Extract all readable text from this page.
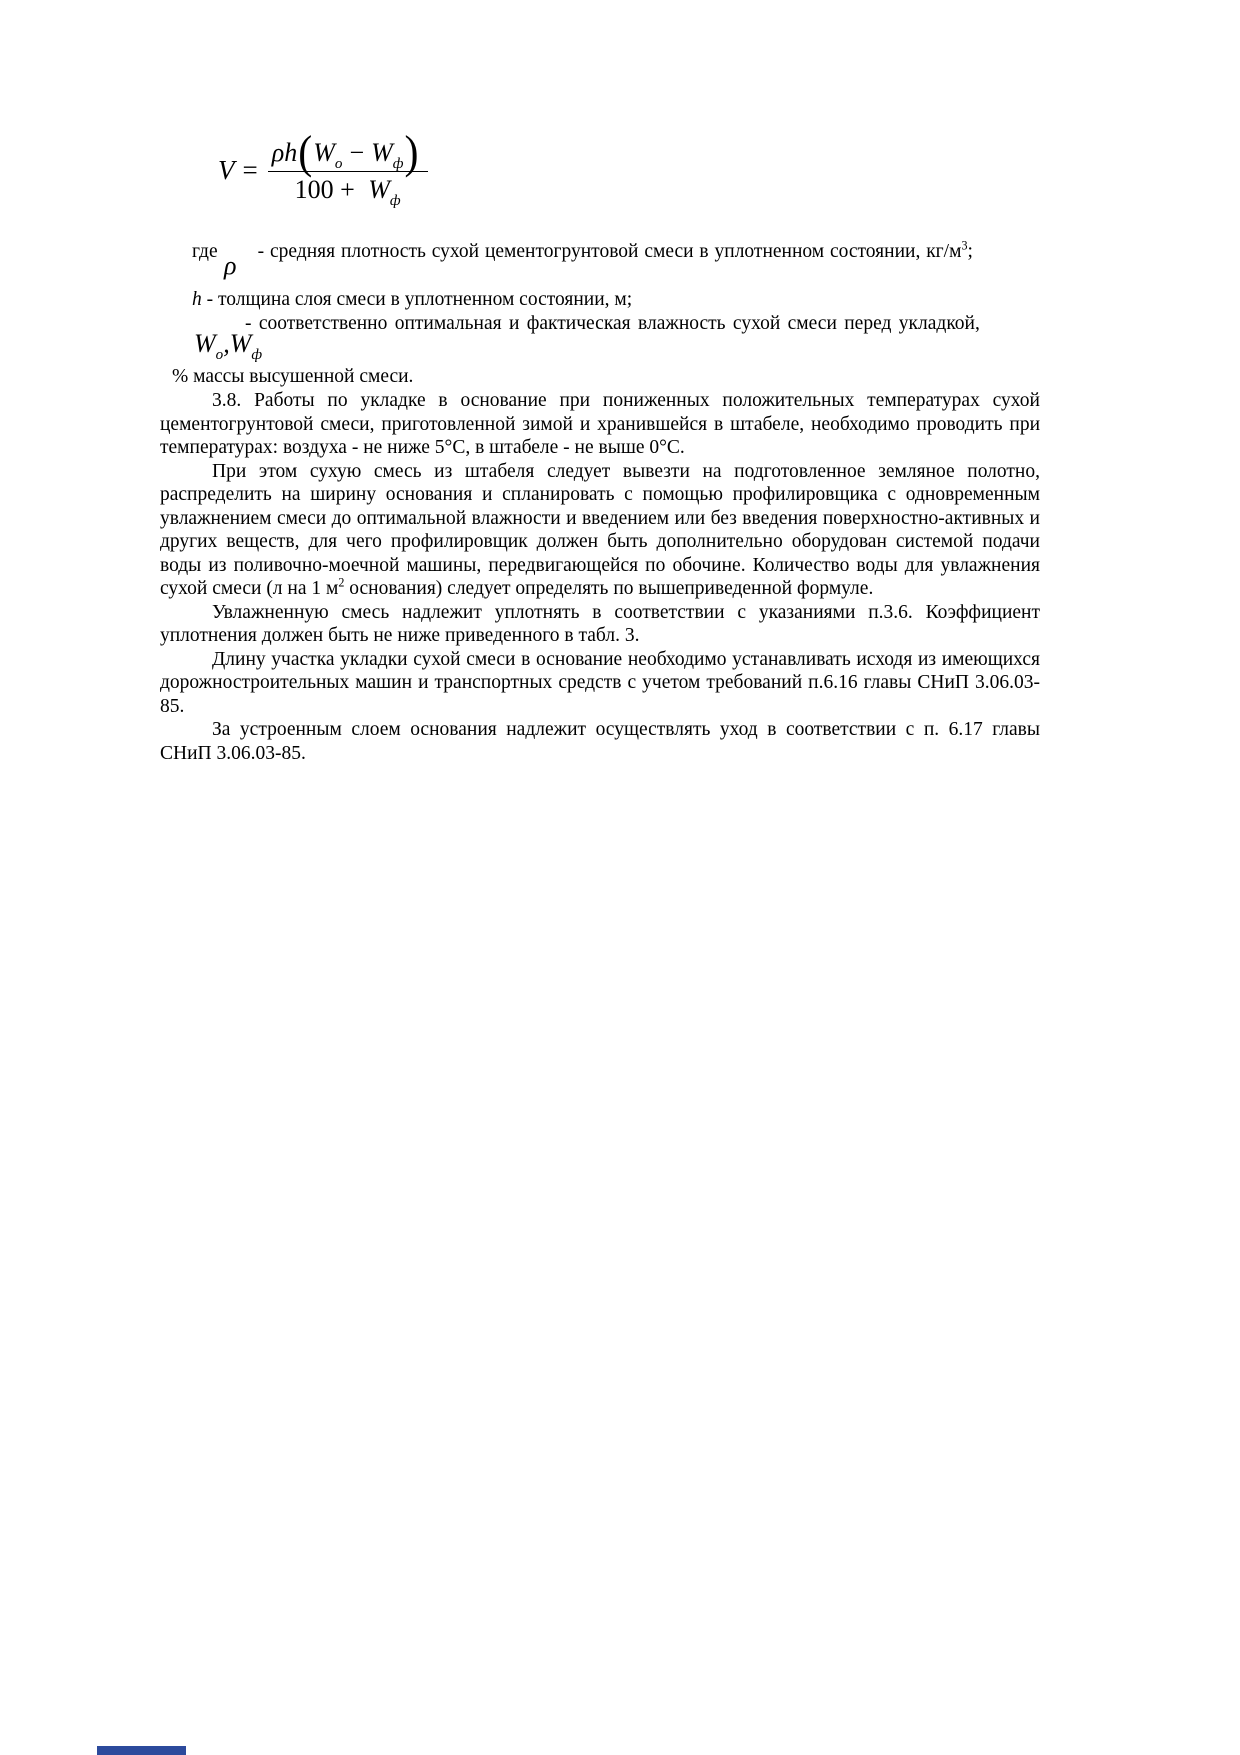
$V = \frac{\rho h ( W_o - W_ф )}{100 + W_ф}$
где - средняя плотность сухой цементогрунтовой смеси в уплотненном состоянии, $кг/м^3$;
ρ
h - толщина слоя смеси в уплотненном состоянии, м;
- соответственно оптимальная и фактическая влажность сухой смеси перед укладкой,
$W_o,W_ф$
% массы высушенной смеси.

3.8. Работы по укладке в основание при пониженных положительных температурах сухой цементогрунтовой смеси, приготовленной зимой и хранившейся в штабеле, необходимо проводить при температурах: воздуха - не ниже 5°С, в штабеле - не выше 0°С.

При этом сухую смесь из штабеля следует вывезти на подготовленное земляное полотно, распределить на ширину основания и спланировать с помощью профилировщика с одновременным увлажнением смеси до оптимальной влажности и введением или без введения поверхностно-активных и других веществ, для чего профилировщик должен быть дополнительно оборудован системой подачи воды из поливочно-моечной машины, передвигающейся по обочине. Количество воды для увлажнения сухой смеси (л на 1 $м^2$ основания) следует определять по вышеприведенной формуле.

Увлажненную смесь надлежит уплотнять в соответствии с указаниями п.3.6. Коэффициент уплотнения должен быть не ниже приведенного в табл. 3.

Длину участка укладки сухой смеси в основание необходимо устанавливать исходя из имеющихся дорожностроительных машин и транспортных средств с учетом требований п.6.16 главы СНиП 3.06.03-85.

За устроенным слоем основания надлежит осуществлять уход в соответствии с п. 6.17 главы СНиП 3.06.03-85.
